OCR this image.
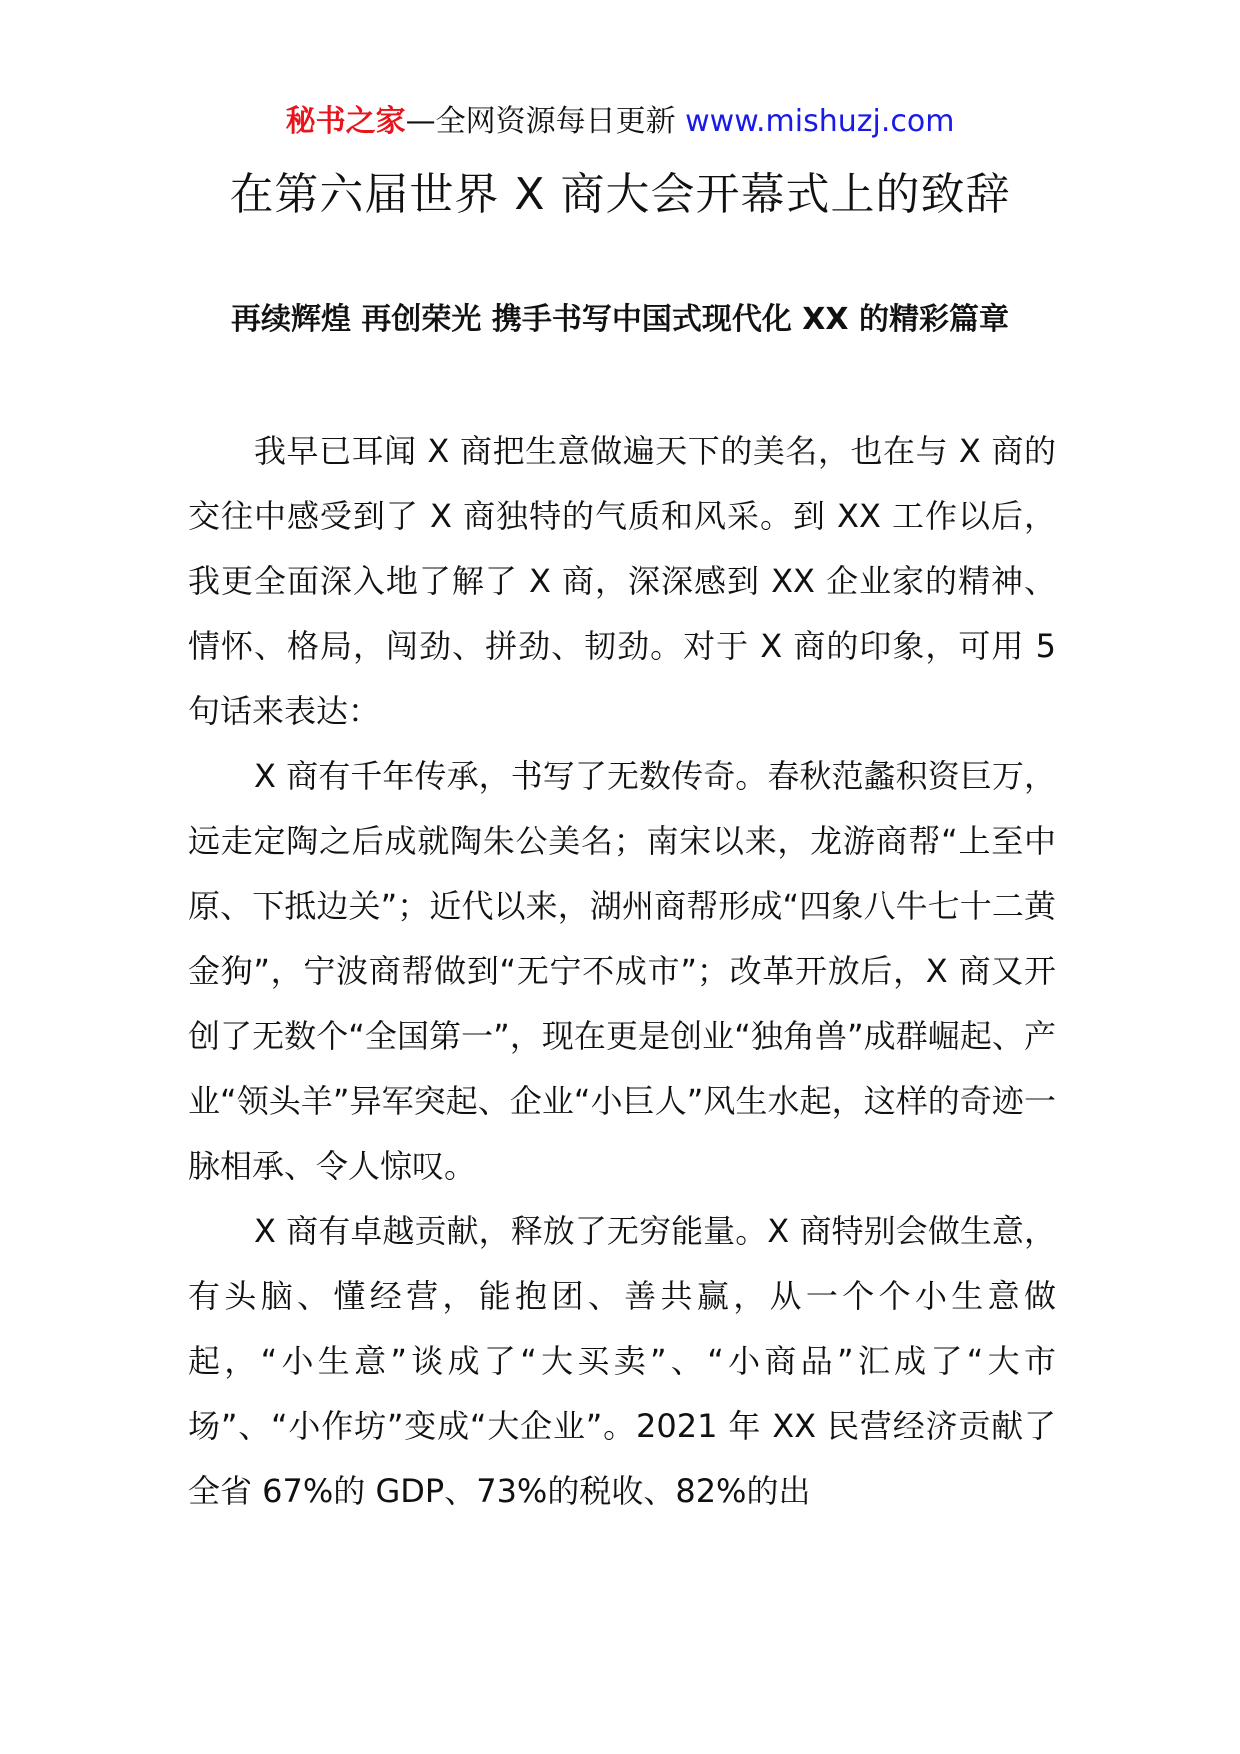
秘书之家—全网资源每日更新 www.mishuzj.com
在第六届世界 X 商大会开幕式上的致辞
再续辉煌 再创荣光 携手书写中国式现代化 XX 的精彩篇章

我早已耳闻 X 商把生意做遍天下的美名，也在与 X 商的交往中感受到了 X 商独特的气质和风采。到 XX 工作以后，我更全面深入地了解了 X 商，深深感到 XX 企业家的精神、情怀、格局，闯劲、拼劲、韧劲。对于 X 商的印象，可用 5 句话来表达：

X 商有千年传承，书写了无数传奇。春秋范蠡积资巨万，远走定陶之后成就陶朱公美名；南宋以来，龙游商帮“上至中原、下抵边关”；近代以来，湖州商帮形成“四象八牛七十二黄金狗”，宁波商帮做到“无宁不成市”；改革开放后，X 商又开创了无数个“全国第一”，现在更是创业“独角兽”成群崛起、产业“领头羊”异军突起、企业“小巨人”风生水起，这样的奇迹一脉相承、令人惊叹。

X 商有卓越贡献，释放了无穷能量。X 商特别会做生意，有头脑、懂经营，能抱团、善共赢，从一个个小生意做起，“小生意”谈成了“大买卖”、“小商品”汇成了“大市场”、“小作坊”变成“大企业”。2021 年 XX 民营经济贡献了全省 67%的 GDP、73%的税收、82%的出
